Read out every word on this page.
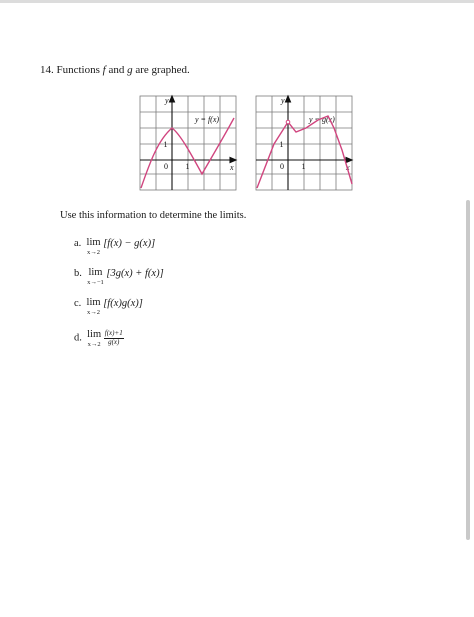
14. Functions f and g are graphed.
y
x
y = f(x)
1
0 1
y
x
y = g(x)
1
0 1
Use this information to determine the limits.
a. lim
x→2
[f(x) − g(x)]
b. lim
x→−1
[3g(x) + f(x)]
c. lim
x→2
[f(x)g(x)]
d. lim
x→2
$\frac{f(x)+1}{g(x)}$
